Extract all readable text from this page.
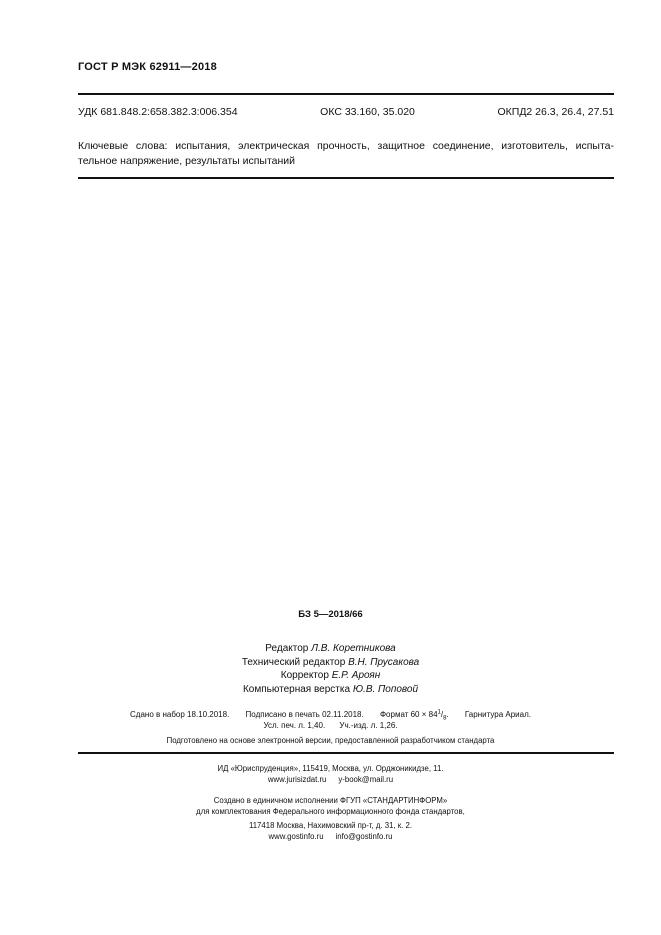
ГОСТ Р МЭК 62911—2018
УДК 681.848.2:658.382.3:006.354	ОКС 33.160, 35.020	ОКПД2 26.3, 26.4, 27.51
Ключевые слова: испытания, электрическая прочность, защитное соединение, изготовитель, испыта-
тельное напряжение, результаты испытаний
БЗ 5—2018/66
Редактор Л.В. Коретникова
Технический редактор В.Н. Прусакова
Корректор Е.Р. Ароян
Компьютерная верстка Ю.В. Поповой
Сдано в набор 18.10.2018. Подписано в печать 02.11.2018. Формат $60 \times 84^1/_8$. Гарнитура Ариал.
Усл. печ. л. 1,40. Уч.-изд. л. 1,26.
Подготовлено на основе электронной версии, предоставленной разработчиком стандарта
ИД «Юриспруденция», 115419, Москва, ул. Орджоникидзе, 11.
www.jurisizdat.ru y-book@mail.ru
Создано в единичном исполнении ФГУП «СТАНДАРТИНФОРМ»
для комплектования Федерального информационного фонда стандартов,
117418 Москва, Нахимовский пр-т, д. 31, к. 2.
www.gostinfo.ru info@gostinfo.ru
